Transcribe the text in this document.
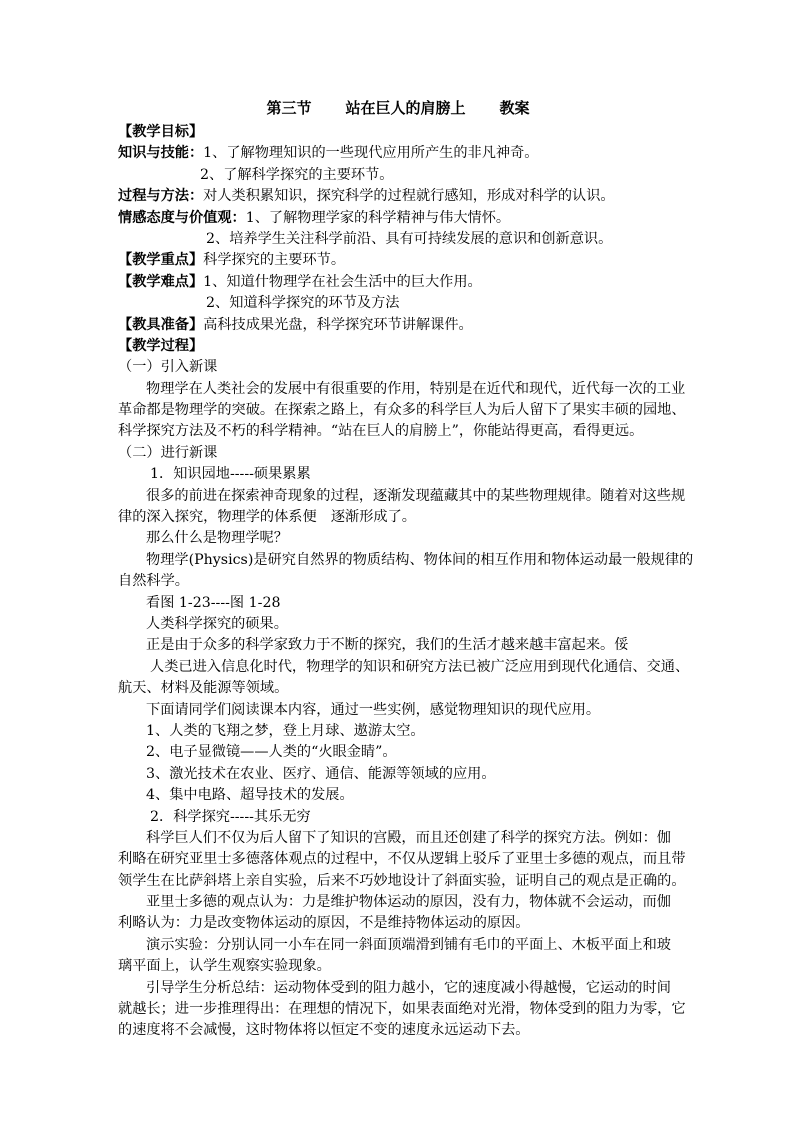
第三节 站在巨人的肩膀上 教案
【教学目标】
知识与技能：1、了解物理知识的一些现代应用所产生的非凡神奇。
2、了解科学探究的主要环节。
过程与方法：对人类积累知识，探究科学的过程就行感知，形成对科学的认识。
情感态度与价值观：1、了解物理学家的科学精神与伟大情怀。
2、培养学生关注科学前沿、具有可持续发展的意识和创新意识。
【教学重点】科学探究的主要环节。
【教学难点】1、知道什物理学在社会生活中的巨大作用。
2、知道科学探究的环节及方法
【教具准备】高科技成果光盘，科学探究环节讲解课件。
【教学过程】
（一）引入新课
物理学在人类社会的发展中有很重要的作用，特别是在近代和现代，近代每一次的工业
革命都是物理学的突破。在探索之路上，有众多的科学巨人为后人留下了果实丰硕的园地、
科学探究方法及不朽的科学精神。“站在巨人的肩膀上”，你能站得更高，看得更远。
（二）进行新课
1．知识园地-----硕果累累
很多的前进在探索神奇现象的过程，逐渐发现蕴藏其中的某些物理规律。随着对这些规
律的深入探究，物理学的体系便　逐渐形成了。
那么什么是物理学呢？
物理学(Physics)是研究自然界的物质结构、物体间的相互作用和物体运动最一般规律的
自然科学。
看图 1-23----图 1-28
人类科学探究的硕果。
正是由于众多的科学家致力于不断的探究，我们的生活才越来越丰富起来。俀
人类已进入信息化时代，物理学的知识和研究方法已被广泛应用到现代化通信、交通、
航天、材料及能源等领域。
下面请同学们阅读课本内容，通过一些实例，感觉物理知识的现代应用。
1、人类的飞翔之梦，登上月球、遨游太空。
2、电子显微镜——人类的“火眼金睛”。
3、激光技术在农业、医疗、通信、能源等领域的应用。
4、集中电路、超导技术的发展。
2．科学探究-----其乐无穷
科学巨人们不仅为后人留下了知识的宫殿，而且还创建了科学的探究方法。例如：伽
利略在研究亚里士多德落体观点的过程中，不仅从逻辑上驳斥了亚里士多德的观点，而且带
领学生在比萨斜塔上亲自实验，后来不巧妙地设计了斜面实验，证明自己的观点是正确的。
亚里士多德的观点认为：力是维护物体运动的原因，没有力，物体就不会运动，而伽
利略认为：力是改变物体运动的原因，不是维持物体运动的原因。
演示实验：分别认同一小车在同一斜面顶端滑到铺有毛巾的平面上、木板平面上和玻
璃平面上，认学生观察实验现象。
引导学生分析总结：运动物体受到的阻力越小，它的速度减小得越慢，它运动的时间
就越长；进一步推理得出：在理想的情况下，如果表面绝对光滑，物体受到的阻力为零，它
的速度将不会减慢，这时物体将以恒定不变的速度永远运动下去。
